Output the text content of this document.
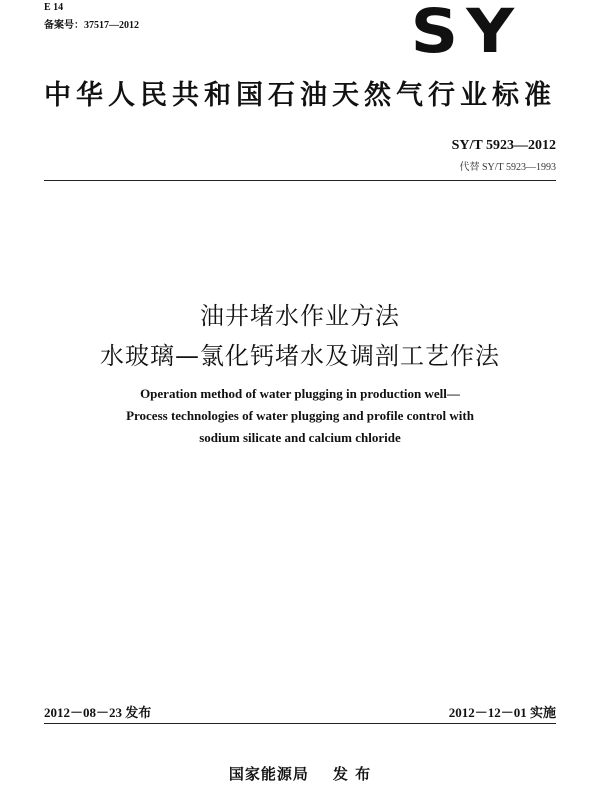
E 14
备案号：37517—2012	SY
中华人民共和国石油天然气行业标准
SY/T 5923—2012
代替 SY/T 5923—1993
油井堵水作业方法
水玻璃—氯化钙堵水及调剖工艺作法
Operation method of water plugging in production well—
Process technologies of water plugging and profile control with
sodium silicate and calcium chloride
2012－08－23 发布	2012－12－01 实施
国家能源局 发 布
